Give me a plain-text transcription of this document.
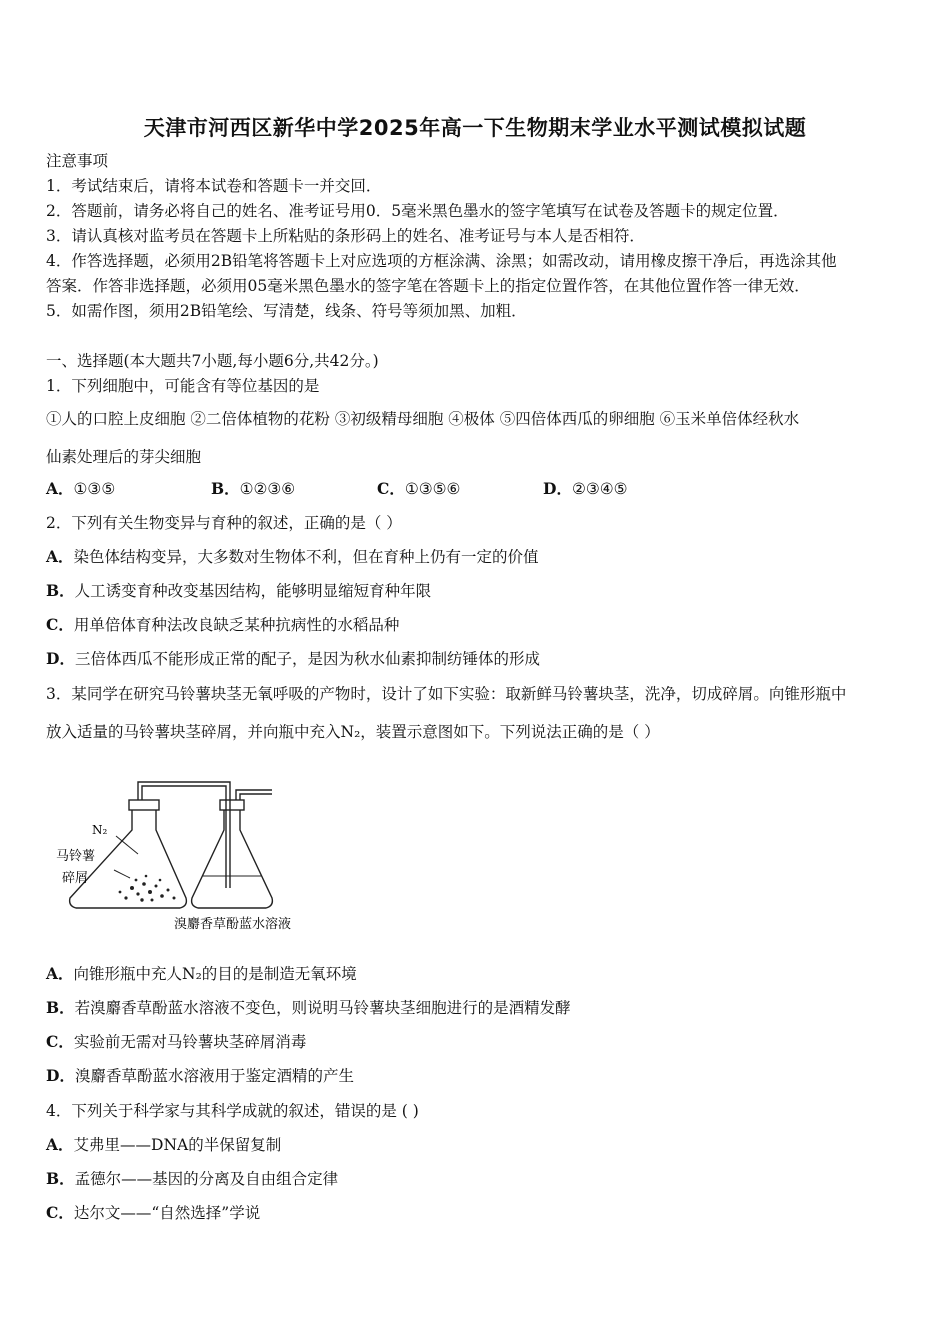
天津市河西区新华中学2025年高一下生物期末学业水平测试模拟试题
注意事项
1．考试结束后，请将本试卷和答题卡一并交回．
2．答题前，请务必将自己的姓名、准考证号用0．5毫米黑色墨水的签字笔填写在试卷及答题卡的规定位置．
3．请认真核对监考员在答题卡上所粘贴的条形码上的姓名、准考证号与本人是否相符．
4．作答选择题，必须用2B铅笔将答题卡上对应选项的方框涂满、涂黑；如需改动，请用橡皮擦干净后，再选涂其他
答案．作答非选择题，必须用05毫米黑色墨水的签字笔在答题卡上的指定位置作答，在其他位置作答一律无效．
5．如需作图，须用2B铅笔绘、写清楚，线条、符号等须加黑、加粗．
一、选择题(本大题共7小题,每小题6分,共42分。)
1．下列细胞中，可能含有等位基因的是
①人的口腔上皮细胞 ②二倍体植物的花粉 ③初级精母细胞 ④极体 ⑤四倍体西瓜的卵细胞 ⑥玉米单倍体经秋水
仙素处理后的芽尖细胞
A．①③⑤	B．①②③⑥	C．①③⑤⑥	D．②③④⑤
2．下列有关生物变异与育种的叙述，正确的是（ ）
A．染色体结构变异，大多数对生物体不利，但在育种上仍有一定的价值
B．人工诱变育种改变基因结构，能够明显缩短育种年限
C．用单倍体育种法改良缺乏某种抗病性的水稻品种
D．三倍体西瓜不能形成正常的配子，是因为秋水仙素抑制纺锤体的形成
3．某同学在研究马铃薯块茎无氧呼吸的产物时，设计了如下实验：取新鲜马铃薯块茎，洗净，切成碎屑。向锥形瓶中
放入适量的马铃薯块茎碎屑，并向瓶中充入N₂，装置示意图如下。下列说法正确的是（ ）
N₂
马铃薯
碎屑
溴麝香草酚蓝水溶液
A．向锥形瓶中充人N₂的目的是制造无氧环境
B．若溴麝香草酚蓝水溶液不变色，则说明马铃薯块茎细胞进行的是酒精发酵
C．实验前无需对马铃薯块茎碎屑消毒
D．溴麝香草酚蓝水溶液用于鉴定酒精的产生
4．下列关于科学家与其科学成就的叙述，错误的是 ( )
A．艾弗里——DNA的半保留复制
B．孟德尔——基因的分离及自由组合定律
C．达尔文——“自然选择”学说
